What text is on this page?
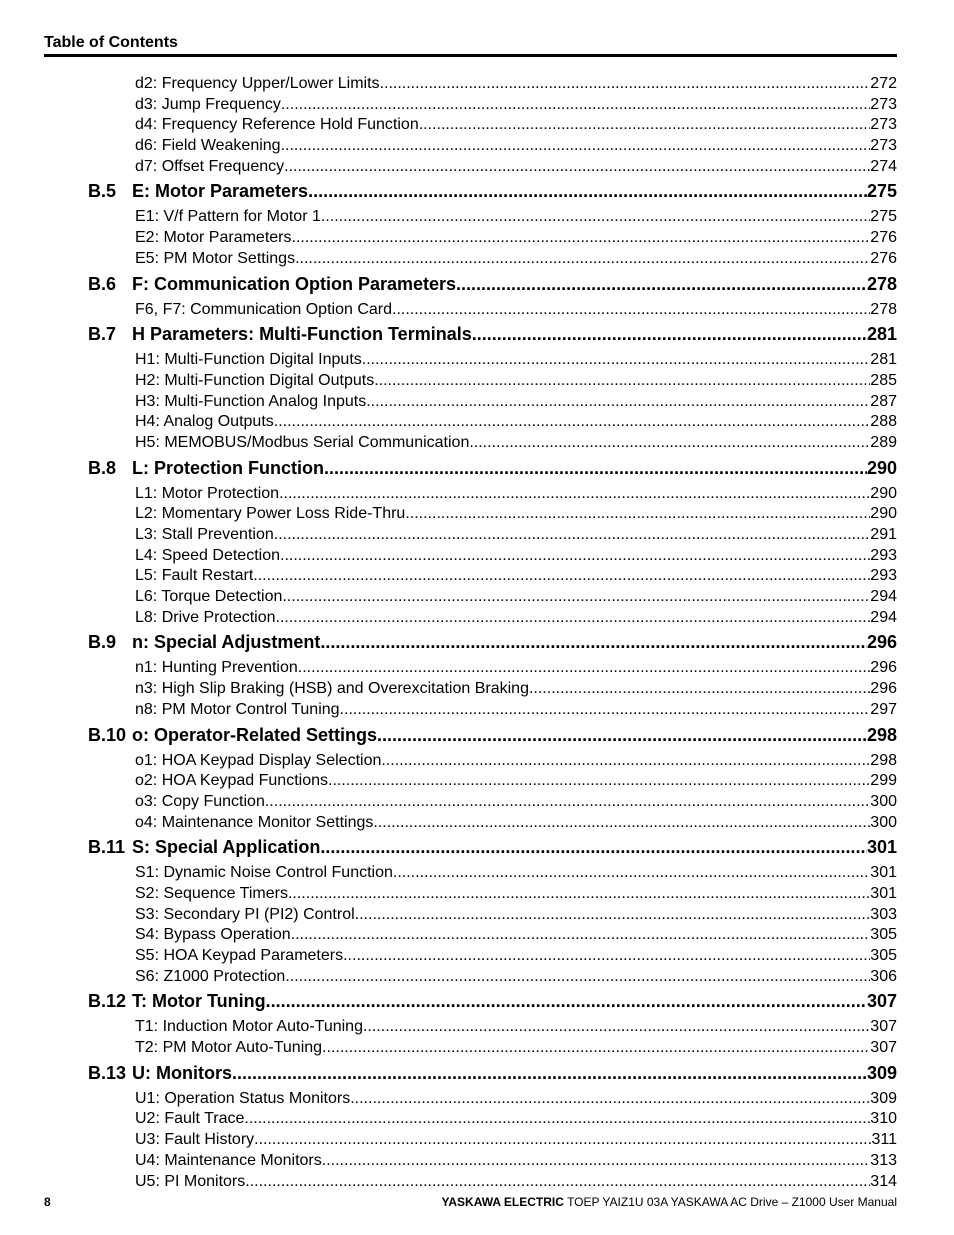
Table of Contents
d2: Frequency Upper/Lower Limits .....	272
d3: Jump Frequency .....	273
d4: Frequency Reference Hold Function .....	273
d6: Field Weakening .....	273
d7: Offset Frequency .....	274
B.5 E: Motor Parameters .....	275
E1: V/f Pattern for Motor 1 .....	275
E2: Motor Parameters .....	276
E5: PM Motor Settings .....	276
B.6 F: Communication Option Parameters .....	278
F6, F7: Communication Option Card .....	278
B.7 H Parameters: Multi-Function Terminals .....	281
H1: Multi-Function Digital Inputs .....	281
H2: Multi-Function Digital Outputs .....	285
H3: Multi-Function Analog Inputs .....	287
H4: Analog Outputs .....	288
H5: MEMOBUS/Modbus Serial Communication .....	289
B.8 L: Protection Function .....	290
L1: Motor Protection .....	290
L2: Momentary Power Loss Ride-Thru .....	290
L3: Stall Prevention .....	291
L4: Speed Detection .....	293
L5: Fault Restart .....	293
L6: Torque Detection .....	294
L8: Drive Protection .....	294
B.9 n: Special Adjustment .....	296
n1: Hunting Prevention .....	296
n3: High Slip Braking (HSB) and Overexcitation Braking .....	296
n8: PM Motor Control Tuning .....	297
B.10 o: Operator-Related Settings .....	298
o1: HOA Keypad Display Selection .....	298
o2: HOA Keypad Functions .....	299
o3: Copy Function .....	300
o4: Maintenance Monitor Settings .....	300
B.11 S: Special Application .....	301
S1: Dynamic Noise Control Function .....	301
S2: Sequence Timers .....	301
S3: Secondary PI (PI2) Control .....	303
S4: Bypass Operation .....	305
S5: HOA Keypad Parameters .....	305
S6: Z1000 Protection .....	306
B.12 T: Motor Tuning .....	307
T1: Induction Motor Auto-Tuning .....	307
T2: PM Motor Auto-Tuning .....	307
B.13 U: Monitors .....	309
U1: Operation Status Monitors .....	309
U2: Fault Trace .....	310
U3: Fault History .....	311
U4: Maintenance Monitors .....	313
U5: PI Monitors .....	314
8	YASKAWA ELECTRIC TOEP YAIZ1U 03A YASKAWA AC Drive – Z1000 User Manual
